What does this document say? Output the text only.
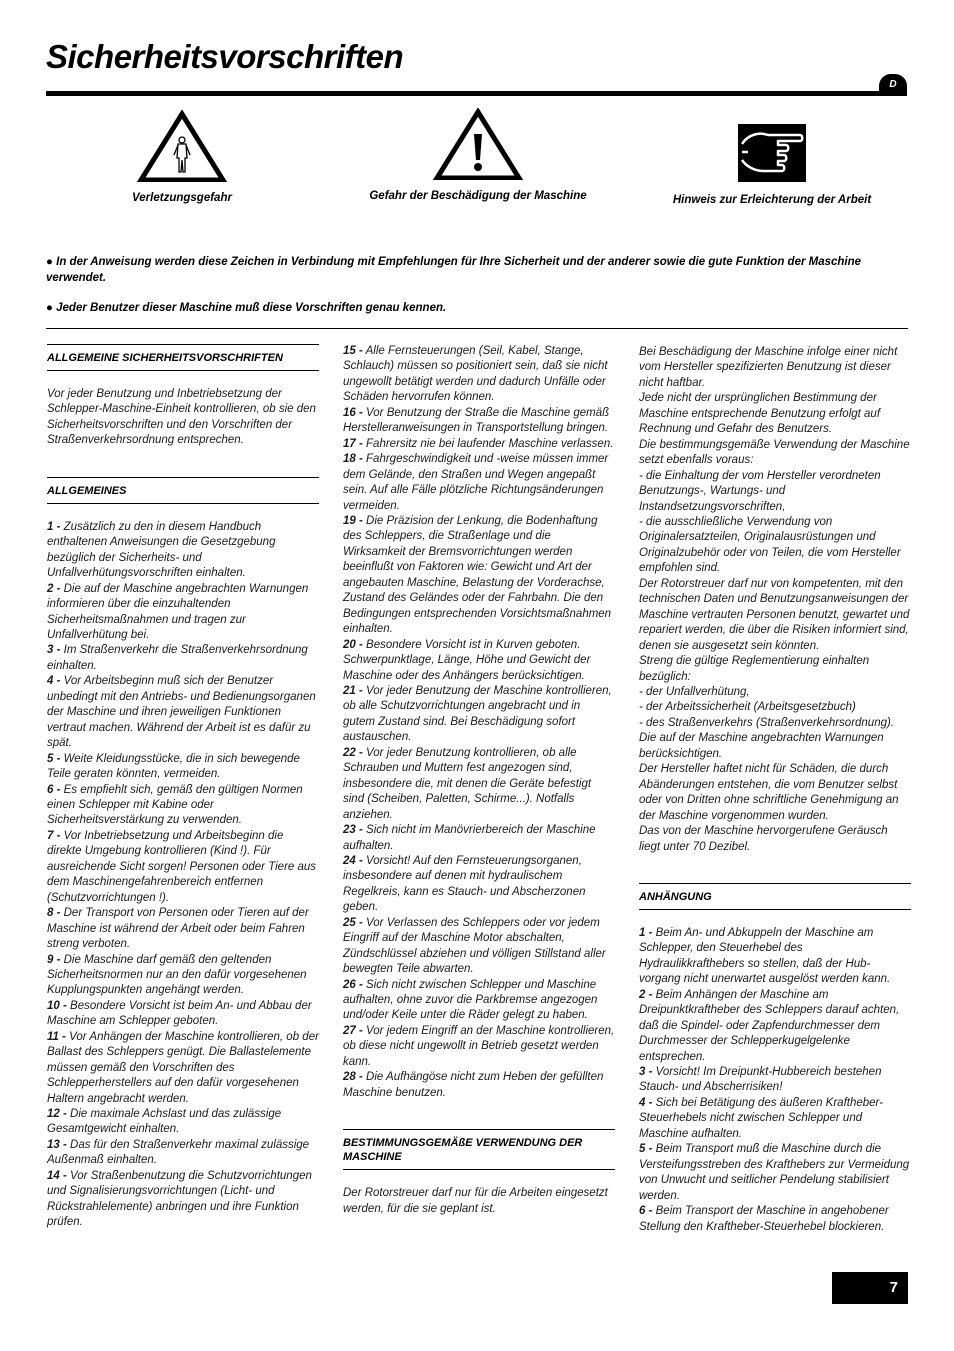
Sicherheitsvorschriften
D
Verletzungsgefahr	Gefahr der Beschädigung der Maschine	Hinweis zur Erleichterung der Arbeit

● In der Anweisung werden diese Zeichen in Verbindung mit Empfehlungen für Ihre Sicherheit und der anderer sowie die gute Funktion der Maschine verwendet.

● Jeder Benutzer dieser Maschine muß diese Vorschriften genau kennen.

ALLGEMEINE SICHERHEITSVORSCHRIFTEN

Vor jeder Benutzung und Inbetriebsetzung der Schlepper-Maschine-Einheit kontrollieren, ob sie den Sicherheitsvorschriften und den Vorschriften der Straßenverkehrsordnung entsprechen.

ALLGEMEINES

1 - Zusätzlich zu den in diesem Handbuch enthaltenen Anweisungen die Gesetzgebung bezüglich der Sicherheits- und Unfallverhütungsvorschriften einhalten.

2 - Die auf der Maschine angebrachten Warnungen informieren über die einzuhaltenden Sicherheitsmaßnahmen und tragen zur Unfallverhütung bei.

3 - Im Straßenverkehr die Straßenverkehrsordnung einhalten.

4 - Vor Arbeitsbeginn muß sich der Benutzer unbedingt mit den Antriebs- und Bedienungsorganen der Maschine und ihren jeweiligen Funktionen vertraut machen. Während der Arbeit ist es dafür zu spät.

5 - Weite Kleidungsstücke, die in sich bewegende Teile geraten könnten, vermeiden.

6 - Es empfiehlt sich, gemäß den gültigen Normen einen Schlepper mit Kabine oder Sicherheitsverstärkung zu verwenden.

7 - Vor Inbetriebsetzung und Arbeitsbeginn die direkte Umgebung kontrollieren (Kind !). Für ausreichende Sicht sorgen! Personen oder Tiere aus dem Maschinengefahrenbereich entfernen (Schutzvorrichtungen !).

8 - Der Transport von Personen oder Tieren auf der Maschine ist während der Arbeit oder beim Fahren streng verboten.

9 - Die Maschine darf gemäß den geltenden Sicherheitsnormen nur an den dafür vorgesehenen Kupplungspunkten angehängt werden.

10 - Besondere Vorsicht ist beim An- und Abbau der Maschine am Schlepper geboten.

11 - Vor Anhängen der Maschine kontrollieren, ob der Ballast des Schleppers genügt. Die Ballastelemente müssen gemäß den Vorschriften des Schlepperherstellers auf den dafür vorgesehenen Haltern angebracht werden.

12 - Die maximale Achslast und das zulässige Gesamtgewicht einhalten.

13 - Das für den Straßenverkehr maximal zulässige Außenmaß einhalten.

14 - Vor Straßenbenutzung die Schutzvorrichtungen und Signalisierungsvorrichtungen (Licht- und Rückstrahlelemente) anbringen und ihre Funktion prüfen.

15 - Alle Fernsteuerungen (Seil, Kabel, Stange, Schlauch) müssen so positioniert sein, daß sie nicht ungewollt betätigt werden und dadurch Unfälle oder Schäden hervorrufen können.

16 - Vor Benutzung der Straße die Maschine gemäß Herstelleranweisungen in Transportstellung bringen.

17 - Fahrersitz nie bei laufender Maschine verlassen.

18 - Fahrgeschwindigkeit und -weise müssen immer dem Gelände, den Straßen und Wegen angepaßt sein. Auf alle Fälle plötzliche Richtungsänderungen vermeiden.

19 - Die Präzision der Lenkung, die Bodenhaftung des Schleppers, die Straßenlage und die Wirksamkeit der Bremsvorrichtungen werden beeinflußt von Faktoren wie: Gewicht und Art der angebauten Maschine, Belastung der Vorderachse, Zustand des Geländes oder der Fahrbahn. Die den Bedingungen entsprechenden Vorsichtsmaßnahmen einhalten.

20 - Besondere Vorsicht ist in Kurven geboten. Schwerpunktlage, Länge, Höhe und Gewicht der Maschine oder des Anhängers berücksichtigen.

21 - Vor jeder Benutzung der Maschine kontrollieren, ob alle Schutzvorrichtungen angebracht und in gutem Zustand sind. Bei Beschädigung sofort austauschen.

22 - Vor jeder Benutzung kontrollieren, ob alle Schrauben und Muttern fest angezogen sind, insbesondere die, mit denen die Geräte befestigt sind (Scheiben, Paletten, Schirme...). Notfalls anziehen.

23 - Sich nicht im Manövrierbereich der Maschine aufhalten.

24 - Vorsicht! Auf den Fernsteuerungsorganen, insbesondere auf denen mit hydraulischem Regelkreis, kann es Stauch- und Abscherzonen geben.

25 - Vor Verlassen des Schleppers oder vor jedem Eingriff auf der Maschine Motor abschalten, Zündschlüssel abziehen und völligen Stillstand aller bewegten Teile abwarten.

26 - Sich nicht zwischen Schlepper und Maschine aufhalten, ohne zuvor die Parkbremse angezogen und/oder Keile unter die Räder gelegt zu haben.

27 - Vor jedem Eingriff an der Maschine kontrollieren, ob diese nicht ungewollt in Betrieb gesetzt werden kann.

28 - Die Aufhängöse nicht zum Heben der gefüllten Maschine benutzen.

BESTIMMUNGSGEMÄßE VERWENDUNG DER MASCHINE

Der Rotorstreuer darf nur für die Arbeiten eingesetzt werden, für die sie geplant ist.

Bei Beschädigung der Maschine infolge einer nicht vom Hersteller spezifizierten Benutzung ist dieser nicht haftbar.

Jede nicht der ursprünglichen Bestimmung der Maschine entsprechende Benutzung erfolgt auf Rechnung und Gefahr des Benutzers.

Die bestimmungsgemäße Verwendung der Maschine setzt ebenfalls voraus:

- die Einhaltung der vom Hersteller verordneten Benutzungs-, Wartungs- und Instandsetzungsvorschriften,

- die ausschließliche Verwendung von Originalersatzteilen, Originalausrüstungen und Originalzubehör oder von Teilen, die vom Hersteller empfohlen sind.

Der Rotorstreuer darf nur von kompetenten, mit den technischen Daten und Benutzungsanweisungen der Maschine vertrauten Personen benutzt, gewartet und repariert werden, die über die Risiken informiert sind, denen sie ausgesetzt sein könnten.

Streng die gültige Reglementierung einhalten bezüglich:

- der Unfallverhütung,

- der Arbeitssicherheit (Arbeitsgesetzbuch)

- des Straßenverkehrs (Straßenverkehrsordnung).

Die auf der Maschine angebrachten Warnungen berücksichtigen.

Der Hersteller haftet nicht für Schäden, die durch Abänderungen entstehen, die vom Benutzer selbst oder von Dritten ohne schriftliche Genehmigung an der Maschine vorgenommen wurden.

Das von der Maschine hervorgerufene Geräusch liegt unter 70 Dezibel.

ANHÄNGUNG

1 - Beim An- und Abkuppeln der Maschine am Schlepper, den Steuerhebel des Hydraulikkrafthebers so stellen, daß der Hub-vorgang nicht unerwartet ausgelöst werden kann.

2 - Beim Anhängen der Maschine am Dreipunktkraftheber des Schleppers darauf achten, daß die Spindel- oder Zapfendurchmesser dem Durchmesser der Schlepperkugelgelenke entsprechen.

3 - Vorsicht! Im Dreipunkt-Hubbereich bestehen Stauch- und Abscherrisiken!

4 - Sich bei Betätigung des äußeren Kraftheber-Steuerhebels nicht zwischen Schlepper und Maschine aufhalten.

5 - Beim Transport muß die Maschine durch die Versteifungsstreben des Krafthebers zur Vermeidung von Unwucht und seitlicher Pendelung stabilisiert werden.

6 - Beim Transport der Maschine in angehobener Stellung den Kraftheber-Steuerhebel blockieren.

7
